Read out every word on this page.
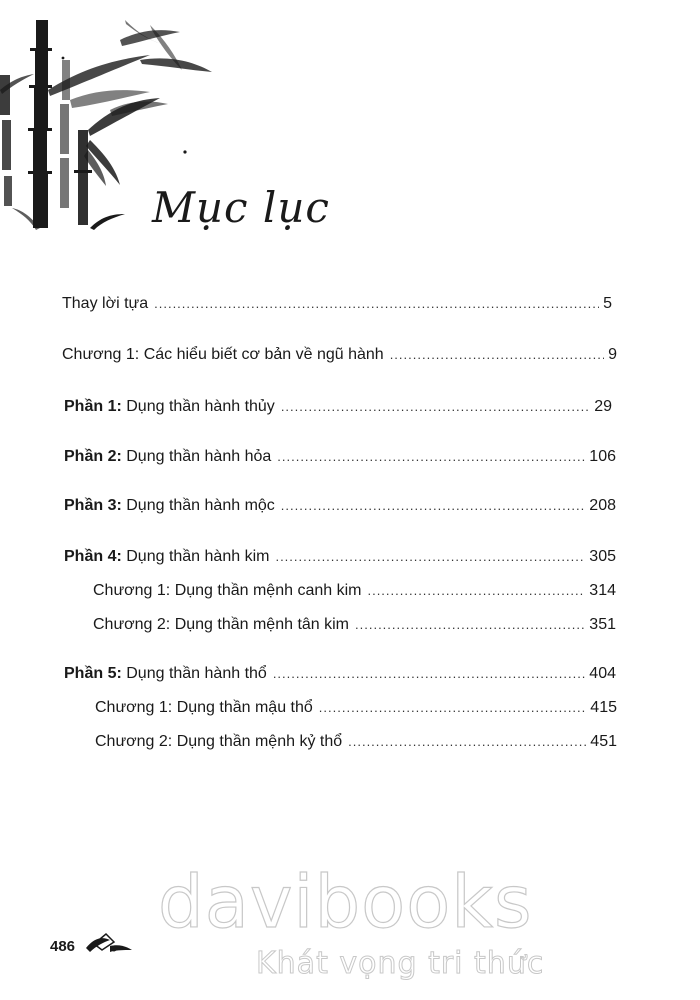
Mục lục
Thay lời tựa .....	5
Chương 1: Các hiểu biết cơ bản về ngũ hành .....	9
Phần 1: Dụng thần hành thủy .....	29
Phần 2: Dụng thần hành hỏa .....	106
Phần 3: Dụng thần hành mộc .....	208
Phần 4: Dụng thần hành kim .....	305
Chương 1: Dụng thần mệnh canh kim .....	314
Chương 2: Dụng thần mệnh tân kim .....	351
Phần 5: Dụng thần hành thổ .....	404
Chương 1: Dụng thần mậu thổ .....	415
Chương 2: Dụng thần mệnh kỷ thổ .....	451
davibooks
Khát vọng tri thức
486
